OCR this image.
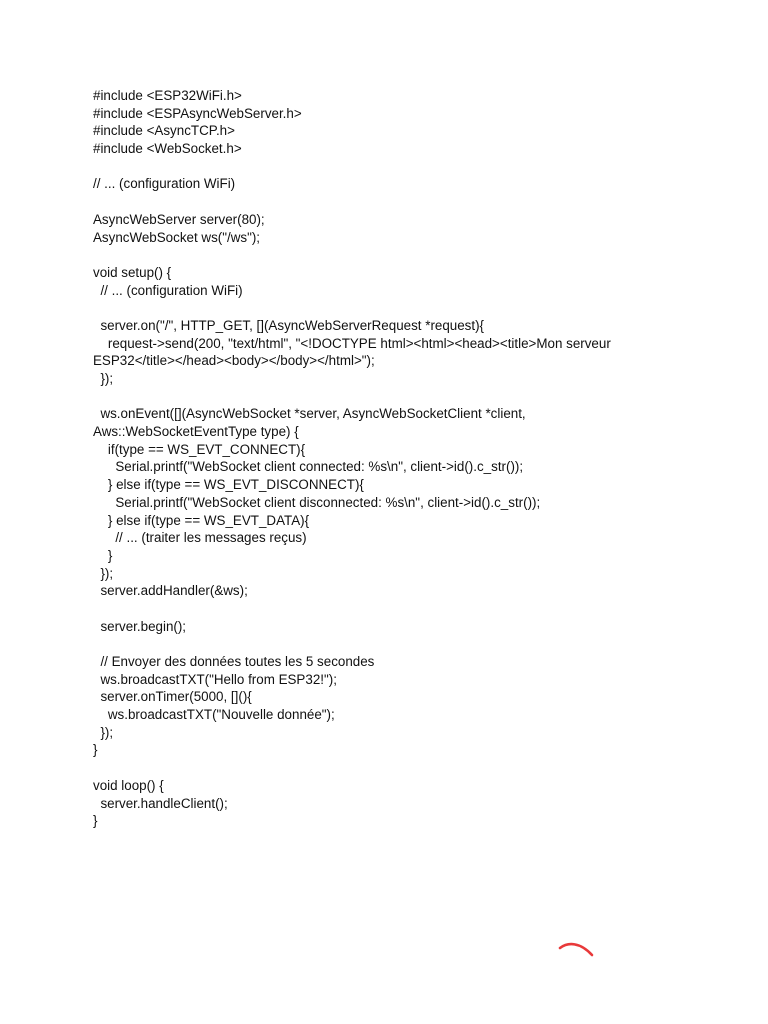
#include <ESP32WiFi.h>
#include <ESPAsyncWebServer.h>
#include <AsyncTCP.h>
#include <WebSocket.h>
// ... (configuration WiFi)
AsyncWebServer server(80);
AsyncWebSocket ws("/ws");
void setup() {
// ... (configuration WiFi)
server.on("/", HTTP_GET, [](AsyncWebServerRequest *request){
request->send(200, "text/html", "<!DOCTYPE html><html><head><title>Mon serveur
ESP32</title></head><body></body></html>");
});
ws.onEvent([](AsyncWebSocket *server, AsyncWebSocketClient *client,
Aws::WebSocketEventType type) {
if(type == WS_EVT_CONNECT){
Serial.printf("WebSocket client connected: %s\n", client->id().c_str());
} else if(type == WS_EVT_DISCONNECT){
Serial.printf("WebSocket client disconnected: %s\n", client->id().c_str());
} else if(type == WS_EVT_DATA){
// ... (traiter les messages reçus)
}
});
server.addHandler(&ws);
server.begin();
// Envoyer des données toutes les 5 secondes
ws.broadcastTXT("Hello from ESP32!");
server.onTimer(5000, [](){
ws.broadcastTXT("Nouvelle donnée");
});
}
void loop() {
server.handleClient();
}
